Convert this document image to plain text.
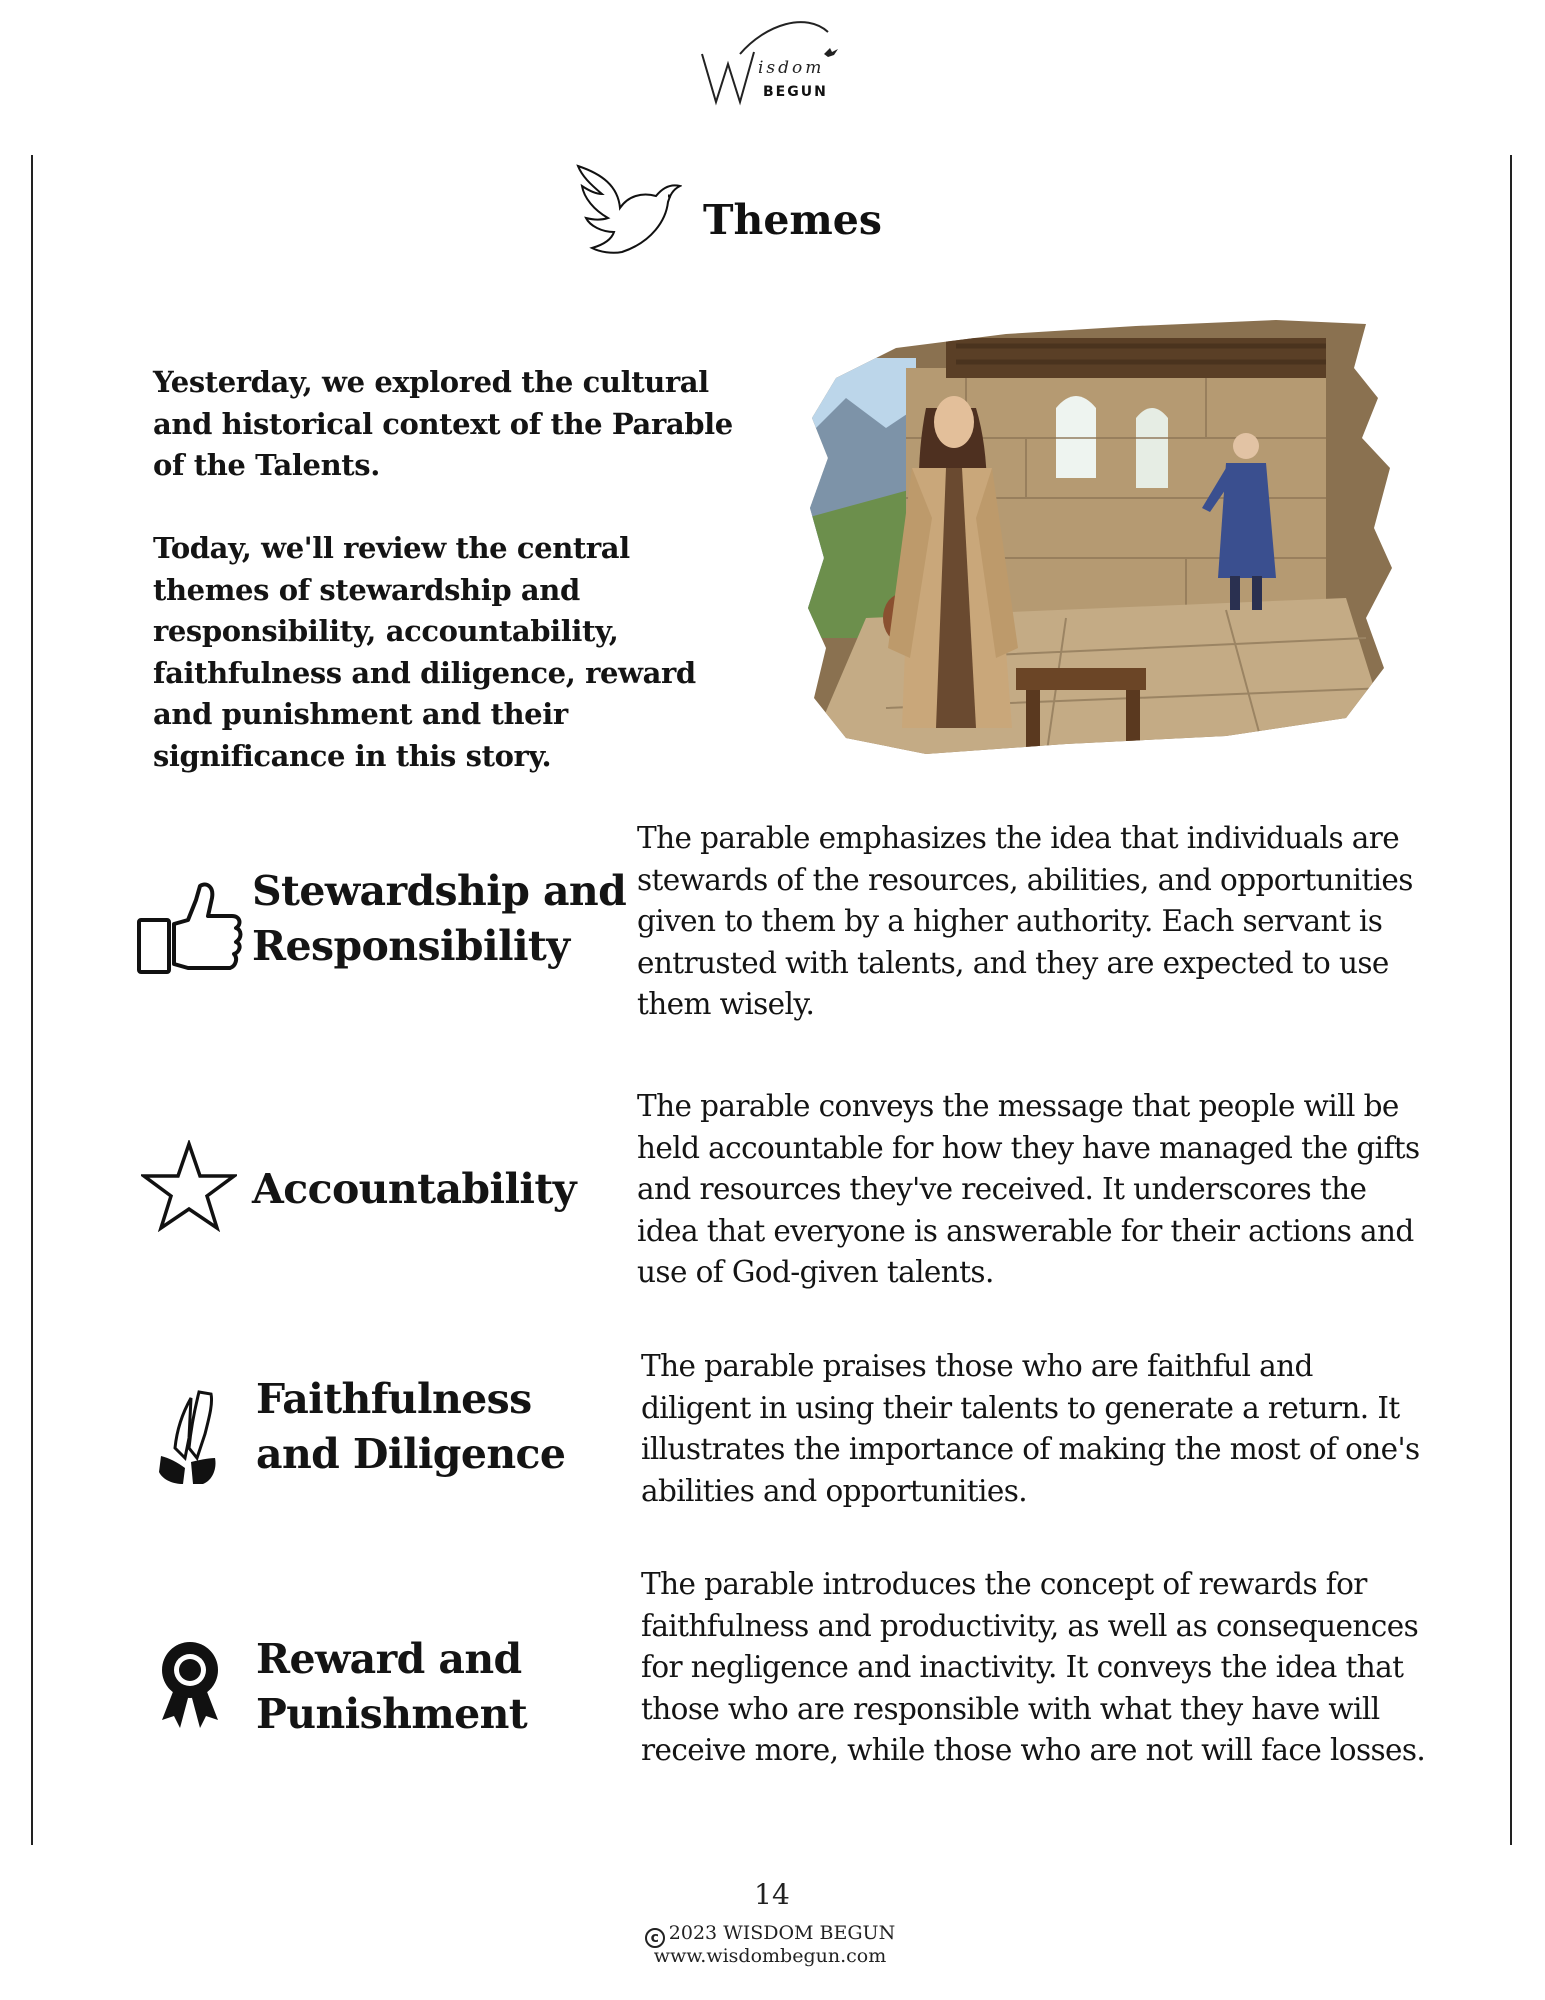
isdom
BEGUN
Themes
Yesterday, we explored the cultural and historical context of the Parable of the Talents.
Today, we'll review the central themes of stewardship and responsibility, accountability, faithfulness and diligence, reward and punishment and their significance in this story.
Stewardship and
Responsibility
The parable emphasizes the idea that individuals are stewards of the resources, abilities, and opportunities given to them by a higher authority. Each servant is entrusted with talents, and they are expected to use them wisely.
Accountability
The parable conveys the message that people will be held accountable for how they have managed the gifts and resources they've received. It underscores the idea that everyone is answerable for their actions and use of God-given talents.
Faithfulness
and Diligence
The parable praises those who are faithful and diligent in using their talents to generate a return. It illustrates the importance of making the most of one's abilities and opportunities.
Reward and
Punishment
The parable introduces the concept of rewards for faithfulness and productivity, as well as consequences for negligence and inactivity. It conveys the idea that those who are responsible with what they have will receive more, while those who are not will face losses.
14
c 2023 WISDOM BEGUN
www.wisdombegun.com
